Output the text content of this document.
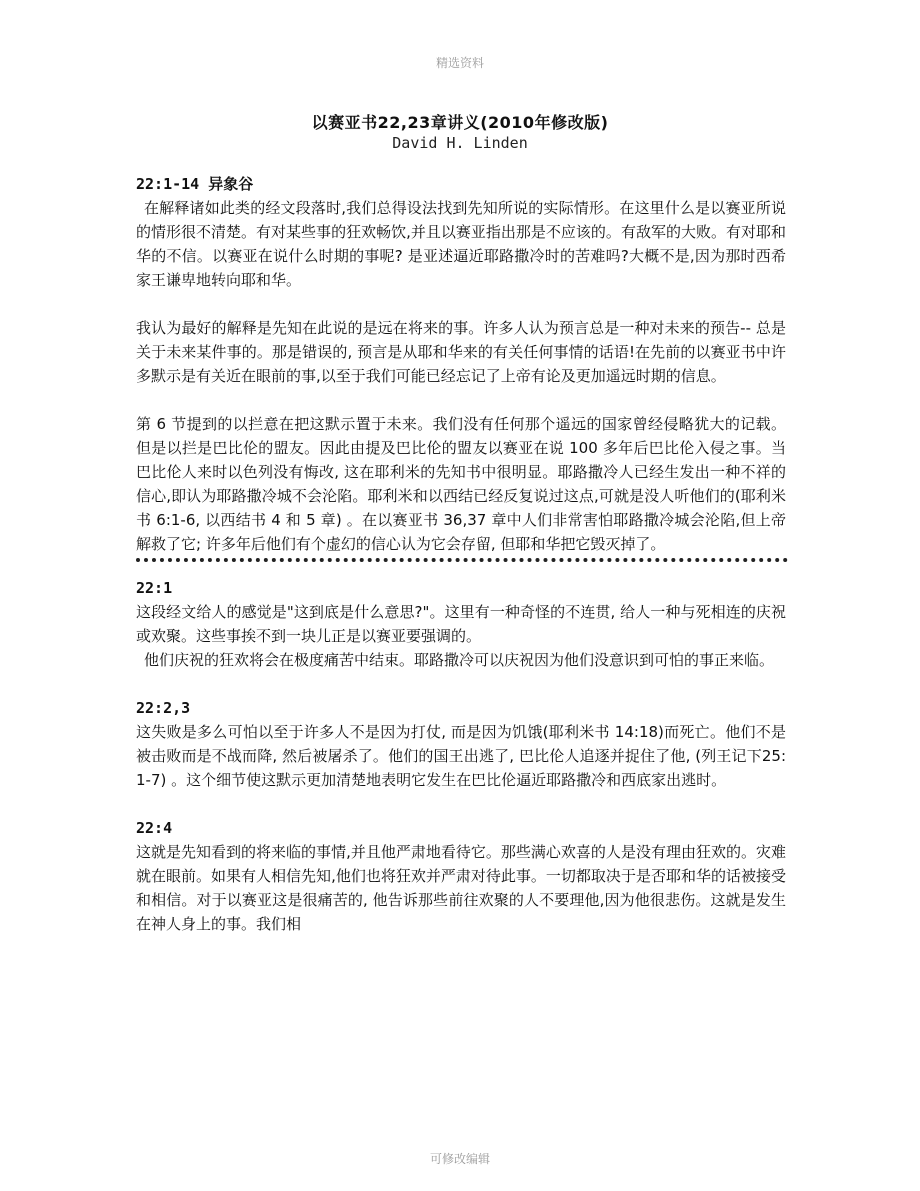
精选资料
以赛亚书22,23章讲义(2010年修改版)
David H. Linden

22:1-14 异象谷

在解释诸如此类的经文段落时,我们总得设法找到先知所说的实际情形。在这里什么是以赛亚所说的情形很不清楚。有对某些事的狂欢畅饮,并且以赛亚指出那是不应该的。有敌军的大败。有对耶和华的不信。以赛亚在说什么时期的事呢? 是亚述逼近耶路撒冷时的苦难吗?大概不是,因为那时西希家王谦卑地转向耶和华。

我认为最好的解释是先知在此说的是远在将来的事。许多人认为预言总是一种对未来的预告-- 总是关于未来某件事的。那是错误的, 预言是从耶和华来的有关任何事情的话语!在先前的以赛亚书中许多默示是有关近在眼前的事,以至于我们可能已经忘记了上帝有论及更加遥远时期的信息。

第 6 节提到的以拦意在把这默示置于未来。我们没有任何那个遥远的国家曾经侵略犹大的记载。 但是以拦是巴比伦的盟友。因此由提及巴比伦的盟友以赛亚在说 100 多年后巴比伦入侵之事。当巴比伦人来时以色列没有悔改, 这在耶利米的先知书中很明显。耶路撒冷人已经生发出一种不祥的信心,即认为耶路撒冷城不会沦陷。耶利米和以西结已经反复说过这点,可就是没人听他们的(耶利米书 6:1-6, 以西结书 4 和 5 章) 。在以赛亚书 36,37 章中人们非常害怕耶路撒冷城会沦陷,但上帝解救了它; 许多年后他们有个虚幻的信心认为它会存留, 但耶和华把它毁灭掉了。

22:1

这段经文给人的感觉是"这到底是什么意思?"。这里有一种奇怪的不连贯, 给人一种与死相连的庆祝或欢聚。这些事挨不到一块儿正是以赛亚要强调的。

他们庆祝的狂欢将会在极度痛苦中结束。耶路撒冷可以庆祝因为他们没意识到可怕的事正来临。

22:2,3

这失败是多么可怕以至于许多人不是因为打仗, 而是因为饥饿(耶利米书 14:18)而死亡。他们不是被击败而是不战而降, 然后被屠杀了。他们的国王出逃了, 巴比伦人追逐并捉住了他, (列王记下25:1-7) 。这个细节使这默示更加清楚地表明它发生在巴比伦逼近耶路撒冷和西底家出逃时。

22:4

这就是先知看到的将来临的事情,并且他严肃地看待它。那些满心欢喜的人是没有理由狂欢的。灾难就在眼前。如果有人相信先知,他们也将狂欢并严肃对待此事。一切都取决于是否耶和华的话被接受和相信。对于以赛亚这是很痛苦的, 他告诉那些前往欢聚的人不要理他,因为他很悲伤。这就是发生在神人身上的事。我们相

可修改编辑
